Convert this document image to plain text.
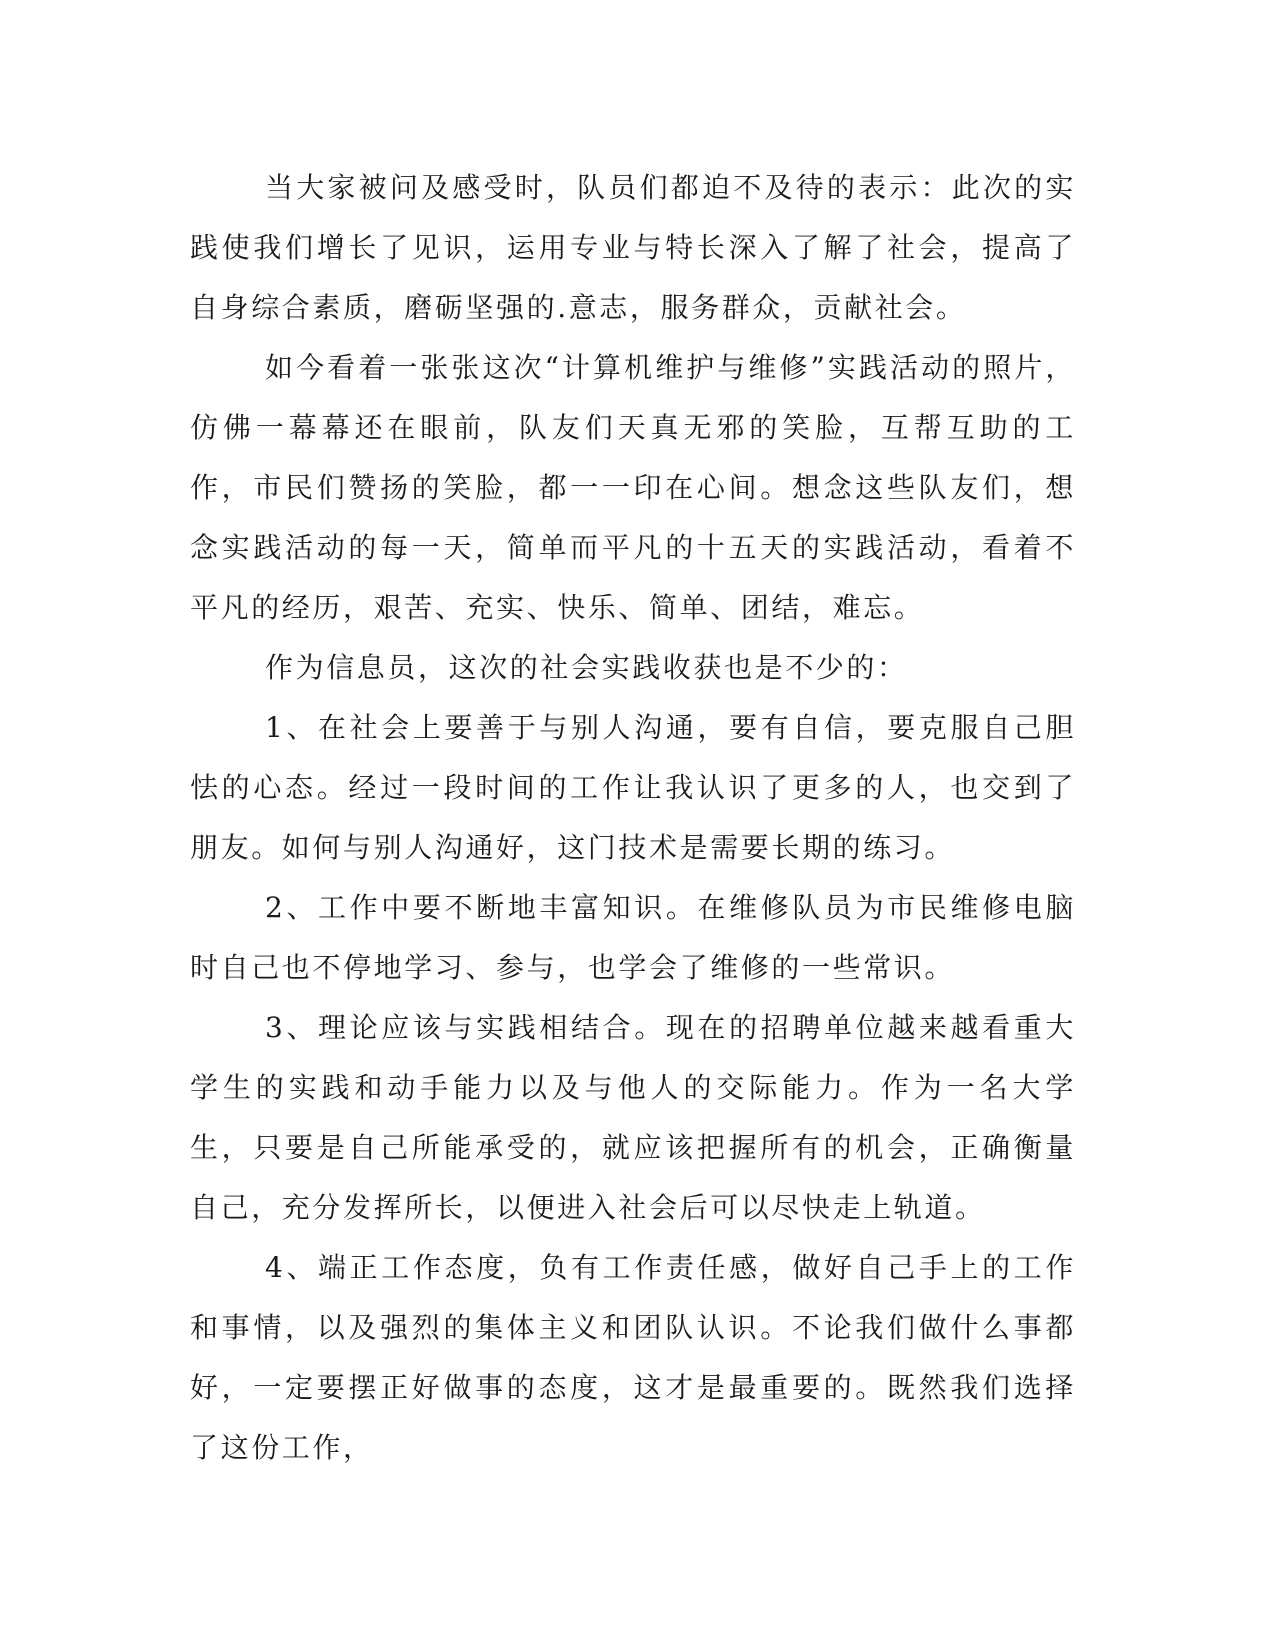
当大家被问及感受时，队员们都迫不及待的表示：此次的实践使我们增长了见识，运用专业与特长深入了解了社会，提高了自身综合素质，磨砺坚强的.意志，服务群众，贡献社会。

如今看着一张张这次“计算机维护与维修”实践活动的照片，仿佛一幕幕还在眼前，队友们天真无邪的笑脸，互帮互助的工作，市民们赞扬的笑脸，都一一印在心间。想念这些队友们，想念实践活动的每一天，简单而平凡的十五天的实践活动，看着不平凡的经历，艰苦、充实、快乐、简单、团结，难忘。

作为信息员，这次的社会实践收获也是不少的：

1、在社会上要善于与别人沟通，要有自信，要克服自己胆怯的心态。经过一段时间的工作让我认识了更多的人，也交到了朋友。如何与别人沟通好，这门技术是需要长期的练习。

2、工作中要不断地丰富知识。在维修队员为市民维修电脑时自己也不停地学习、参与，也学会了维修的一些常识。

3、理论应该与实践相结合。现在的招聘单位越来越看重大学生的实践和动手能力以及与他人的交际能力。作为一名大学生，只要是自己所能承受的，就应该把握所有的机会，正确衡量自己，充分发挥所长，以便进入社会后可以尽快走上轨道。

4、端正工作态度，负有工作责任感，做好自己手上的工作和事情，以及强烈的集体主义和团队认识。不论我们做什么事都好，一定要摆正好做事的态度，这才是最重要的。既然我们选择了这份工作，
